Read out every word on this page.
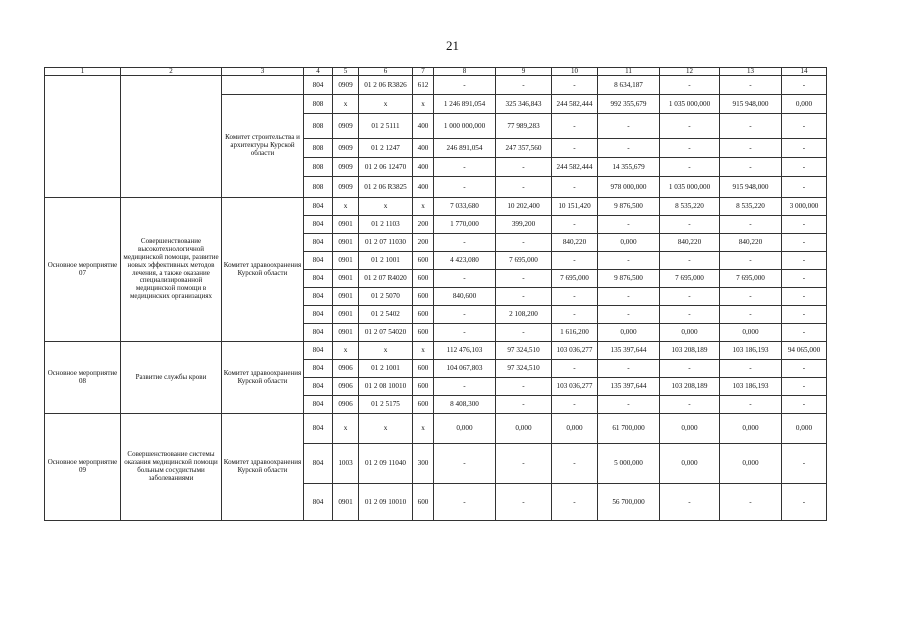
21
1	2	3	4	5	6	7	8	9	10	11	12	13	14
			804	0909	01 2 06 R3826	612	-	-	-	8 634,187	-	-	-
		Комитет строительства и архитектуры Курской области	808	x	x	x	1 246 891,054	325 346,843	244 582,444	992 355,679	1 035 000,000	915 948,000	0,000
			808	0909	01 2 5111	400	1 000 000,000	77 989,283	-	-	-	-	-
			808	0909	01 2 1247	400	246 891,054	247 357,560	-	-	-	-	-
			808	0909	01 2 06 12470	400	-	-	244 582,444	14 355,679	-	-	-
			808	0909	01 2 06 R3825	400	-	-	-	978 000,000	1 035 000,000	915 948,000	-
Основное мероприятие 07	Совершенствование высокотехнологичной медицинской помощи, развитие новых эффективных методов лечения, а также оказание специализированной медицинской помощи в медицинских организациях	Комитет здравоохранения Курской области	804	x	x	x	7 033,680	10 202,400	10 151,420	9 876,500	8 535,220	8 535,220	3 000,000
			804	0901	01 2 1103	200	1 770,000	399,200	-	-	-	-	-
			804	0901	01 2 07 11030	200	-	-	840,220	0,000	840,220	840,220	-
			804	0901	01 2 1001	600	4 423,080	7 695,000	-	-	-	-	-
			804	0901	01 2 07 R4020	600	-	-	7 695,000	9 876,500	7 695,000	7 695,000	-
			804	0901	01 2 5070	600	840,600	-	-	-	-	-	-
			804	0901	01 2 5402	600	-	2 108,200	-	-	-	-	-
			804	0901	01 2 07 54020	600	-	-	1 616,200	0,000	0,000	0,000	-
Основное мероприятие 08	Развитие службы крови	Комитет здравоохранения Курской области	804	x	x	x	112 476,103	97 324,510	103 036,277	135 397,644	103 208,189	103 186,193	94 065,000
			804	0906	01 2 1001	600	104 067,803	97 324,510	-	-	-	-	-
			804	0906	01 2 08 10010	600	-	-	103 036,277	135 397,644	103 208,189	103 186,193	-
			804	0906	01 2 5175	600	8 408,300	-	-	-	-	-	-
Основное мероприятие 09	Совершенствование системы оказания медицинской помощи больным сосудистыми заболеваниями	Комитет здравоохранения Курской области	804	x	x	x	0,000	0,000	0,000	61 700,000	0,000	0,000	0,000
			804	1003	01 2 09 11040	300	-	-	-	5 000,000	0,000	0,000	-
			804	0901	01 2 09 10010	600	-	-	-	56 700,000	-	-	-
